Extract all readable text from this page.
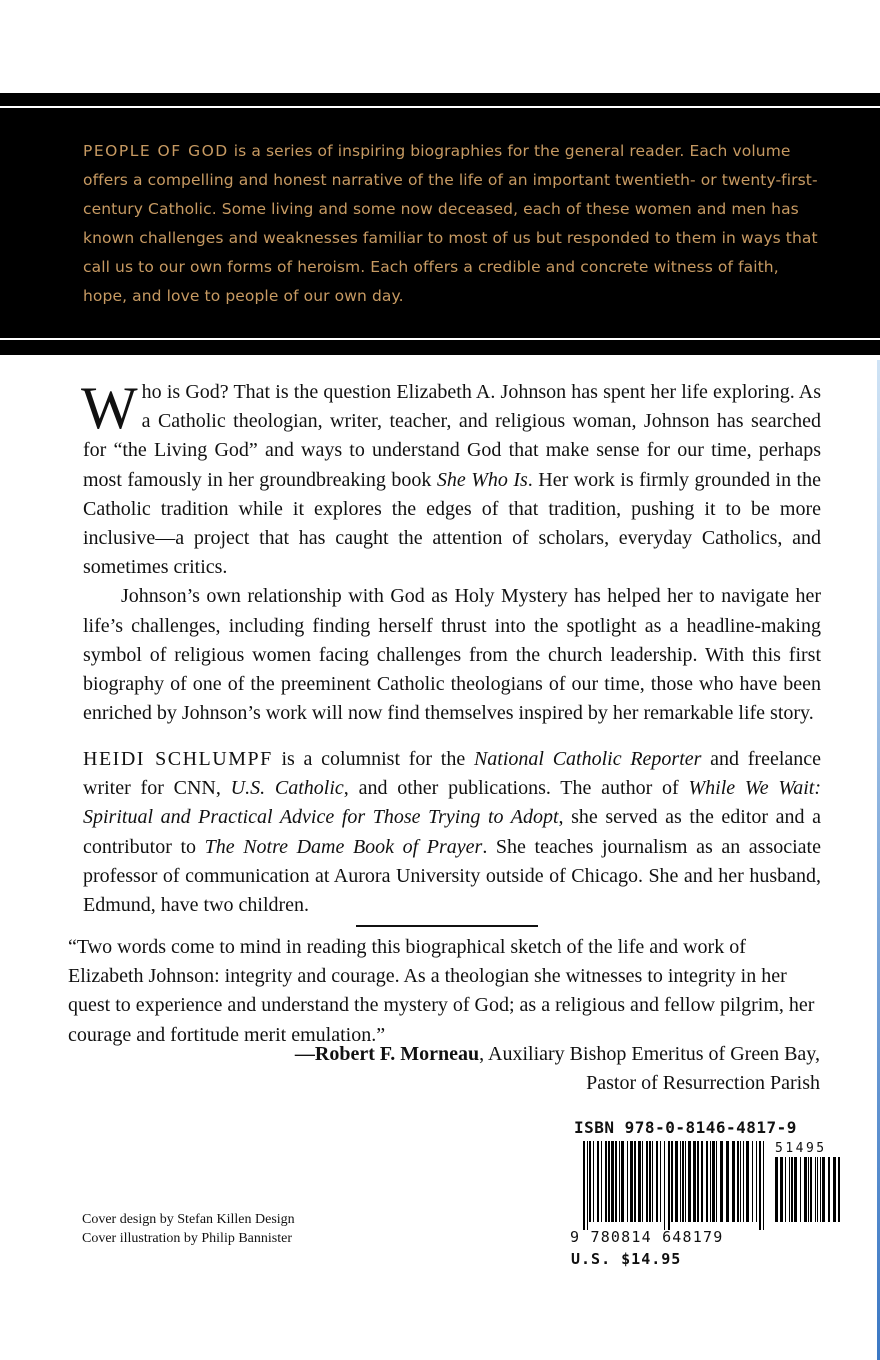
PEOPLE OF GOD is a series of inspiring biographies for the general reader. Each volume offers a compelling and honest narrative of the life of an important twentieth- or twenty-first-century Catholic. Some living and some now deceased, each of these women and men has known challenges and weaknesses familiar to most of us but responded to them in ways that call us to our own forms of heroism. Each offers a credible and concrete witness of faith, hope, and love to people of our own day.

Who is God? That is the question Elizabeth A. Johnson has spent her life exploring. As a Catholic theologian, writer, teacher, and religious woman, Johnson has searched for “the Living God” and ways to understand God that make sense for our time, perhaps most famously in her groundbreaking book She Who Is. Her work is firmly grounded in the Catholic tradition while it explores the edges of that tradition, pushing it to be more inclusive—a project that has caught the attention of scholars, everyday Catholics, and sometimes critics.

Johnson’s own relationship with God as Holy Mystery has helped her to navigate her life’s challenges, including finding herself thrust into the spotlight as a headline-making symbol of religious women facing challenges from the church leadership. With this first biography of one of the preeminent Catholic theologians of our time, those who have been enriched by Johnson’s work will now find themselves inspired by her remarkable life story.

HEIDI SCHLUMPF is a columnist for the National Catholic Reporter and freelance writer for CNN, U.S. Catholic, and other publications. The author of While We Wait: Spiritual and Practical Advice for Those Trying to Adopt, she served as the editor and a contributor to The Notre Dame Book of Prayer. She teaches journalism as an associate professor of communication at Aurora University outside of Chicago. She and her husband, Edmund, have two children.

“Two words come to mind in reading this biographical sketch of the life and work of Elizabeth Johnson: integrity and courage. As a theologian she witnesses to integrity in her quest to experience and understand the mystery of God; as a religious and fellow pilgrim, her courage and fortitude merit emulation.”

—Robert F. Morneau, Auxiliary Bishop Emeritus of Green Bay,
Pastor of Resurrection Parish
ISBN 978-0-8146-4817-9
51495
9 780814 648179
U.S. $14.95
Cover design by Stefan Killen Design
Cover illustration by Philip Bannister
